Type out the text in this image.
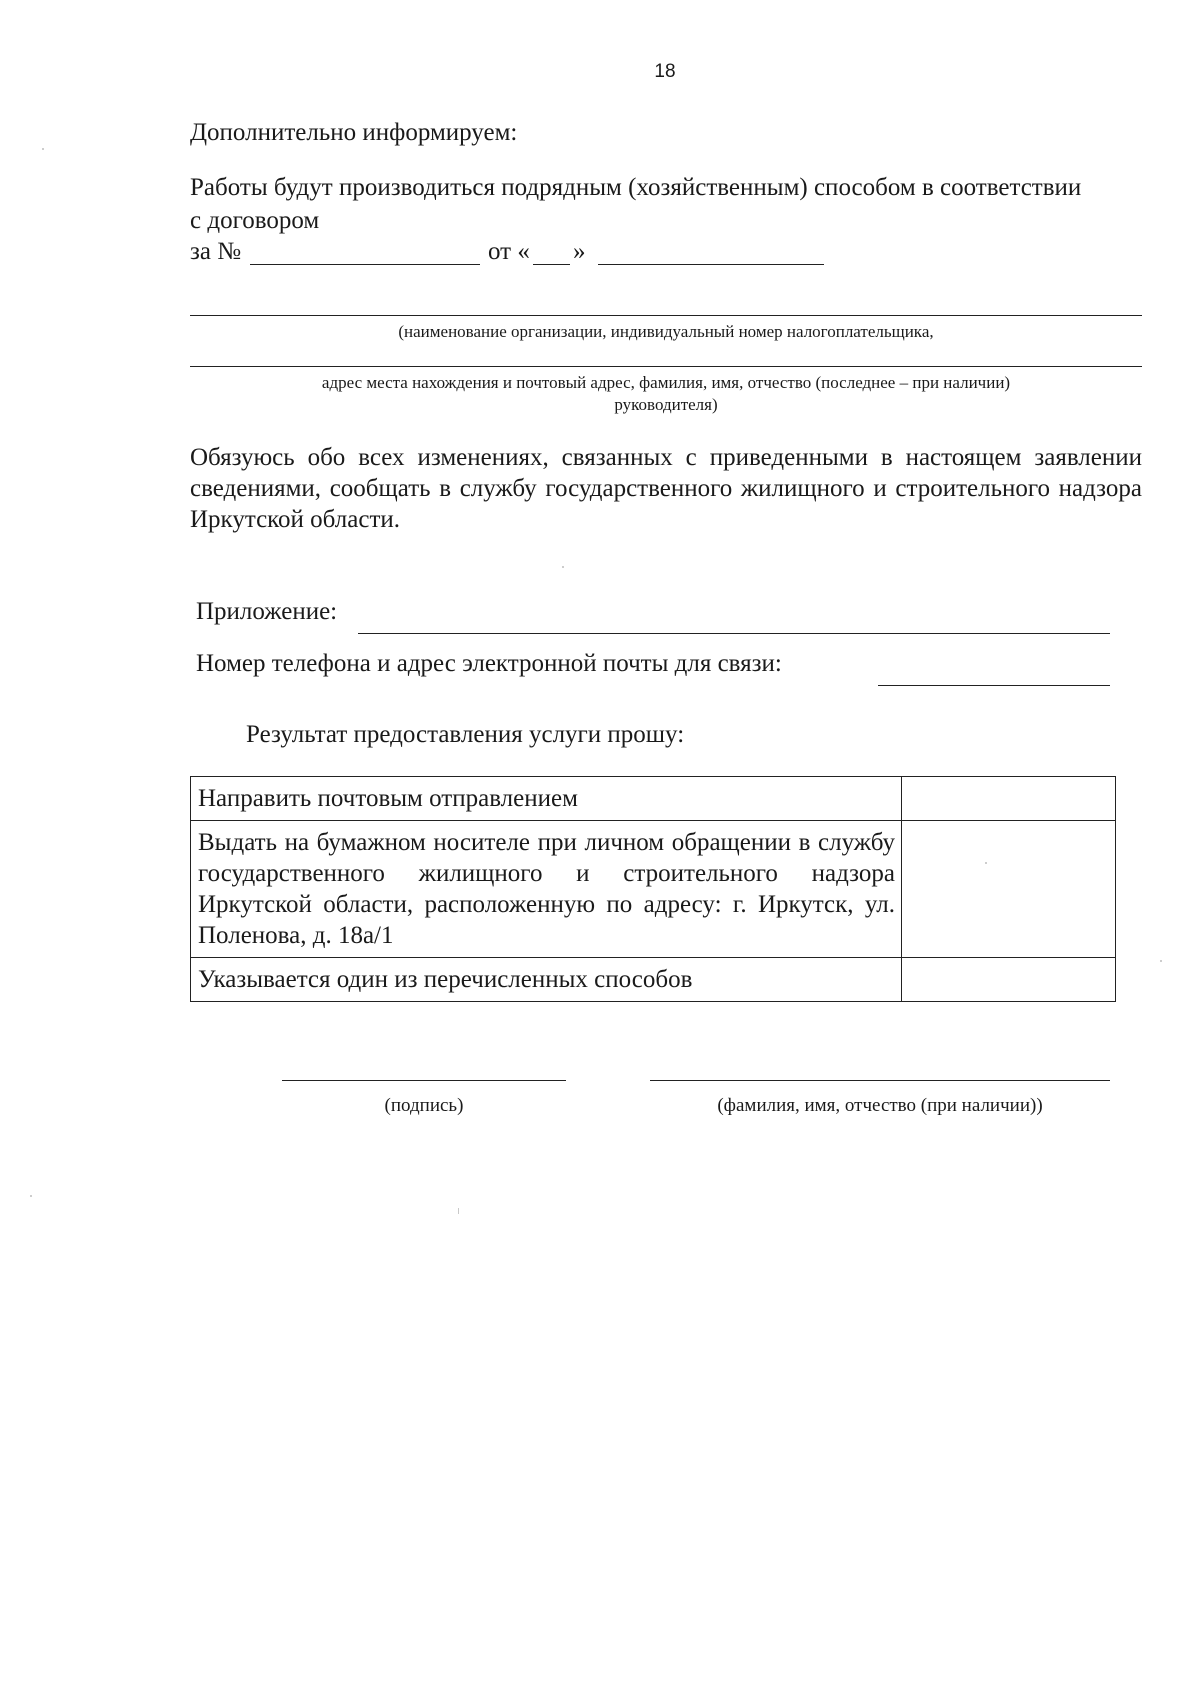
18
Дополнительно информируем:
Работы будут производиться подрядным (хозяйственным) способом в соответствии
с договором
за №	от « »
(наименование организации, индивидуальный номер налогоплательщика,
адрес места нахождения и почтовый адрес, фамилия, имя, отчество (последнее – при наличии)
руководителя)
Обязуюсь обо всех изменениях, связанных с приведенными в настоящем заявлении сведениями, сообщать в службу государственного жилищного и строительного надзора Иркутской области.
Приложение:
Номер телефона и адрес электронной почты для связи:
Результат предоставления услуги прошу:
Направить почтовым отправлением	
Выдать на бумажном носителе при личном обращении в службу государственного жилищного и строительного надзора Иркутской области, расположенную по адресу: г. Иркутск, ул. Поленова, д. 18а/1	
Указывается один из перечисленных способов	
(подпись)	(фамилия, имя, отчество (при наличии))
